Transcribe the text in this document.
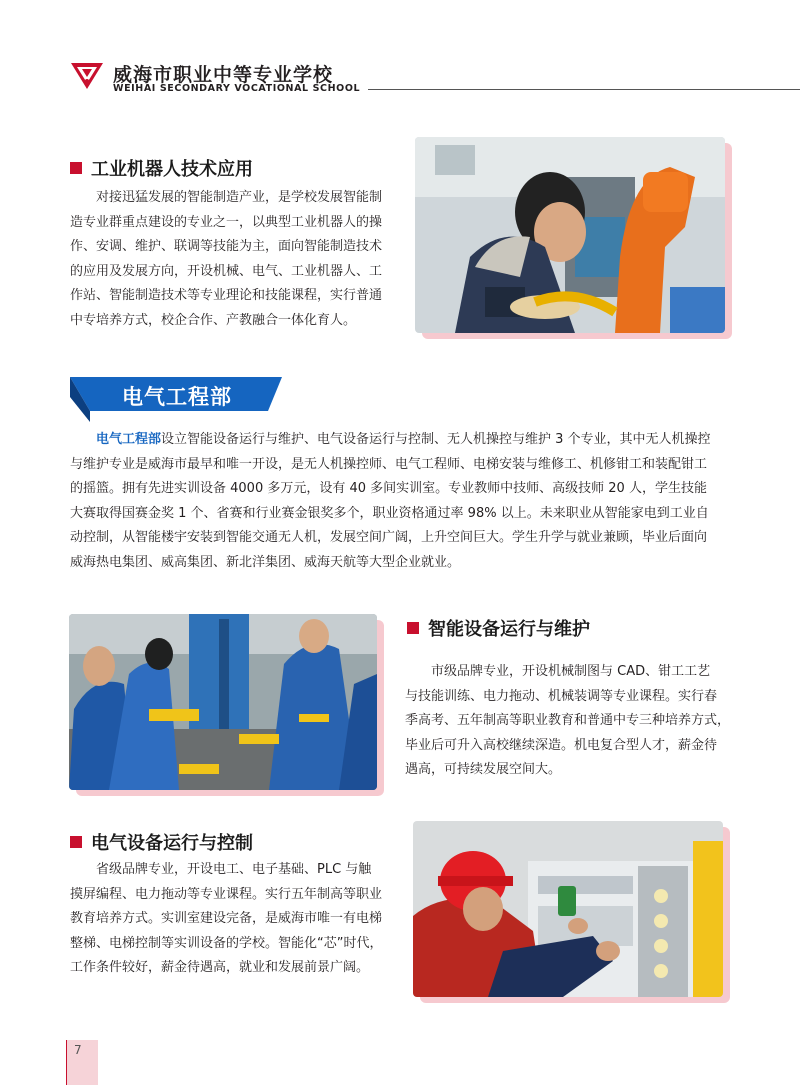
威海市职业中等专业学校
WEIHAI SECONDARY VOCATIONAL SCHOOL
工业机器人技术应用
对接迅猛发展的智能制造产业，是学校发展智能制
造专业群重点建设的专业之一，以典型工业机器人的操
作、安调、维护、联调等技能为主，面向智能制造技术
的应用及发展方向，开设机械、电气、工业机器人、工
作站、智能制造技术等专业理论和技能课程，实行普通
中专培养方式，校企合作、产教融合一体化育人。
电气工程部
电气工程部设立智能设备运行与维护、电气设备运行与控制、无人机操控与维护 3 个专业，其中无人机操控
与维护专业是威海市最早和唯一开设，是无人机操控师、电气工程师、电梯安装与维修工、机修钳工和装配钳工
的摇篮。拥有先进实训设备 4000 多万元，设有 40 多间实训室。专业教师中技师、高级技师 20 人，学生技能
大赛取得国赛金奖 1 个、省赛和行业赛金银奖多个，职业资格通过率 98% 以上。未来职业从智能家电到工业自
动控制，从智能楼宇安装到智能交通无人机，发展空间广阔，上升空间巨大。学生升学与就业兼顾，毕业后面向
威海热电集团、威高集团、新北洋集团、威海天航等大型企业就业。
智能设备运行与维护
市级品牌专业，开设机械制图与 CAD、钳工工艺
与技能训练、电力拖动、机械装调等专业课程。实行春
季高考、五年制高等职业教育和普通中专三种培养方式，
毕业后可升入高校继续深造。机电复合型人才，薪金待
遇高，可持续发展空间大。
电气设备运行与控制
省级品牌专业，开设电工、电子基础、PLC 与触
摸屏编程、电力拖动等专业课程。实行五年制高等职业
教育培养方式。实训室建设完备，是威海市唯一有电梯
整梯、电梯控制等实训设备的学校。智能化“芯”时代，
工作条件较好，薪金待遇高，就业和发展前景广阔。
7
